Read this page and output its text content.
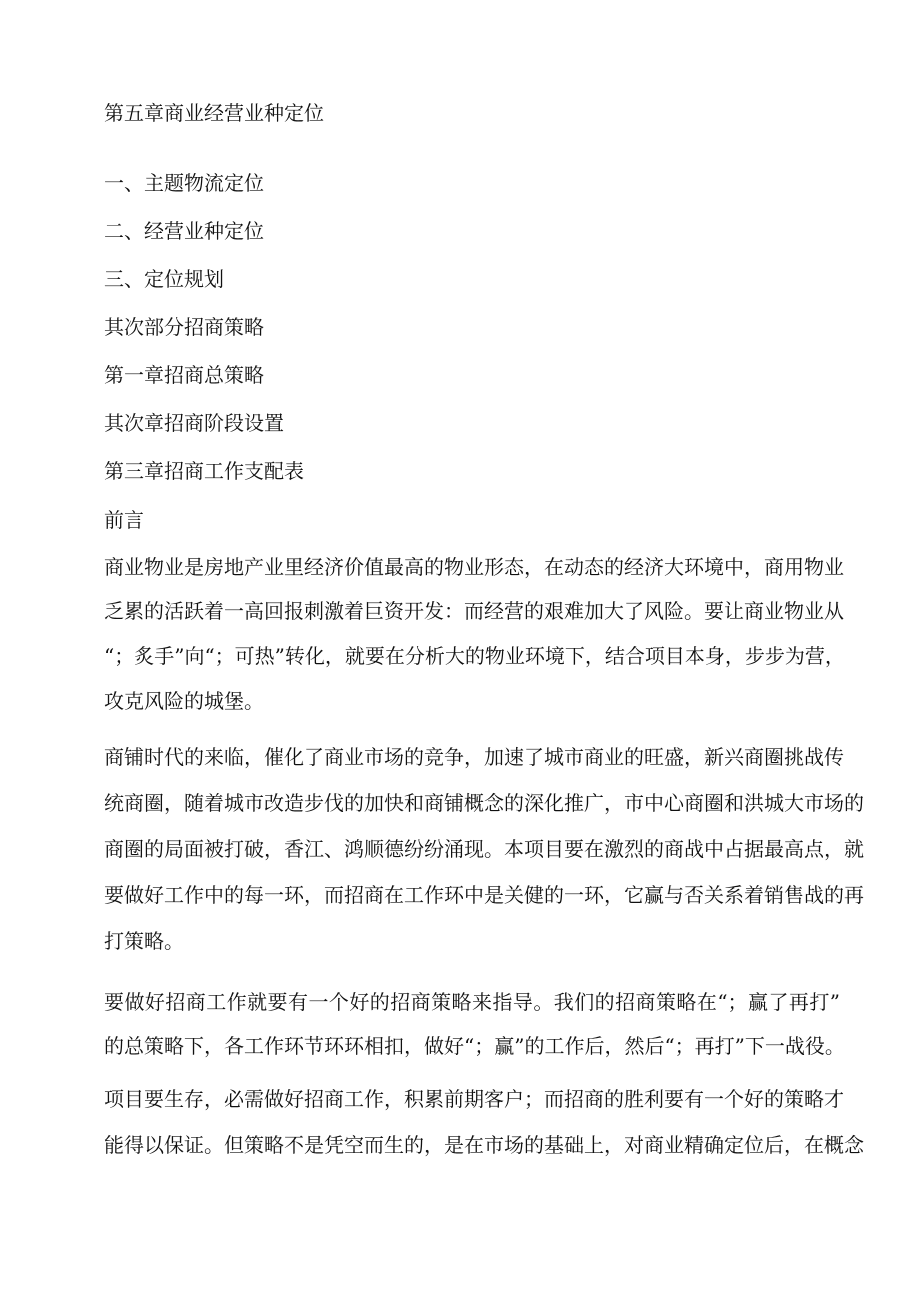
第五章商业经营业种定位

一、主题物流定位

二、经营业种定位

三、定位规划

其次部分招商策略

第一章招商总策略

其次章招商阶段设置

第三章招商工作支配表

前言

商业物业是房地产业里经济价值最高的物业形态，在动态的经济大环境中，商用物业
乏累的活跃着一高回报刺激着巨资开发：而经营的艰难加大了风险。要让商业物业从
“；炙手”向“；可热”转化，就要在分析大的物业环境下，结合项目本身，步步为营，
攻克风险的城堡。
商铺时代的来临，催化了商业市场的竞争，加速了城市商业的旺盛，新兴商圈挑战传
统商圈，随着城市改造步伐的加快和商铺概念的深化推广，市中心商圈和洪城大市场的
商圈的局面被打破，香江、鸿顺德纷纷涌现。本项目要在激烈的商战中占据最高点，就
要做好工作中的每一环，而招商在工作环中是关健的一环，它赢与否关系着销售战的再
打策略。
要做好招商工作就要有一个好的招商策略来指导。我们的招商策略在“；赢了再打”
的总策略下，各工作环节环环相扣，做好“；赢”的工作后，然后“；再打”下一战役。
项目要生存，必需做好招商工作，积累前期客户；而招商的胜利要有一个好的策略才
能得以保证。但策略不是凭空而生的，是在市场的基础上，对商业精确定位后，在概念
